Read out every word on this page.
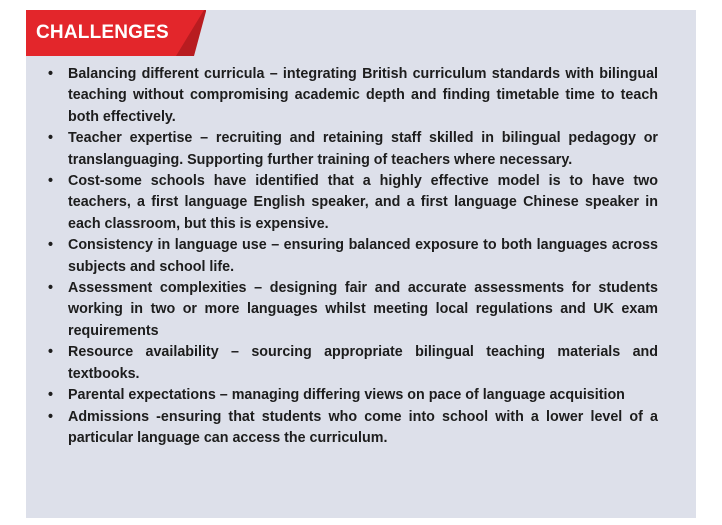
CHALLENGES
• Balancing different curricula – integrating British curriculum standards with bilingual teaching without compromising academic depth and finding timetable time to teach both effectively.
• Teacher expertise – recruiting and retaining staff skilled in bilingual pedagogy or translanguaging. Supporting further training of teachers where necessary.
• Cost-some schools have identified that a highly effective model is to have two teachers, a first language English speaker, and a first language Chinese speaker in each classroom, but this is expensive.
• Consistency in language use – ensuring balanced exposure to both languages across subjects and school life.
• Assessment complexities – designing fair and accurate assessments for students working in two or more languages whilst meeting local regulations and UK exam requirements
• Resource availability – sourcing appropriate bilingual teaching materials and textbooks.
• Parental expectations – managing differing views on pace of language acquisition
• Admissions -ensuring that students who come into school with a lower level of a particular language can access the curriculum.
